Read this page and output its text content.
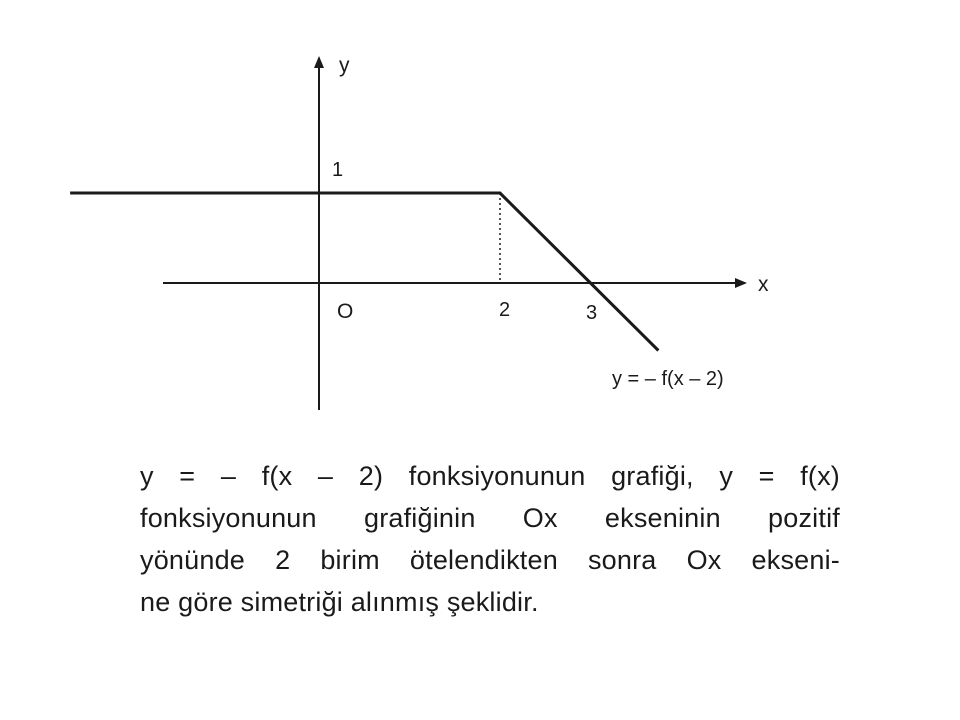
y
x
O
1
2	3
y = – f(x – 2)
y = – f(x – 2) fonksiyonunun grafiği, y = f(x)
fonksiyonunun grafiğinin Ox ekseninin pozitif
yönünde 2 birim ötelendikten sonra Ox ekseni-
ne göre simetriği alınmış şeklidir.
